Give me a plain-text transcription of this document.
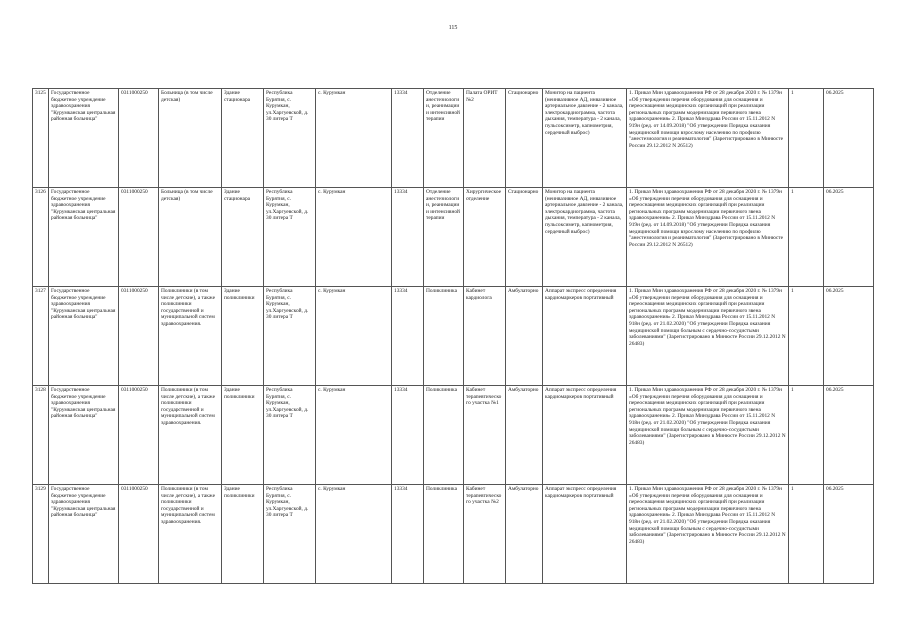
115
3125	Государственное бюджетное учреждение здравоохранения "Курумканская центральная районная больница"	0311000250	Больница (в том числе детская)	Здание стационара	Республика Бурятия, с. Курумкан, ул.Харгуевской, д. 30 литера Т	с. Курумкан	13334	Отделение анестезиологии, реанимации и интенсивной терапии	Палата ОРИТ №2	Стационарно	Монитор на пациента (неинвазивное АД, инвазивное артериальное давление - 2 канала, электрокардиограмма, частота дыхания, температура - 2 канала, пульсоксиметр, капнометрия, сердечный выброс)	1. Приказ Мин здравоохранения РФ от 28 декабря 2020 г. № 1379н «Об утверждении перечня оборудования для оснащения и переоснащения медицинских организаций при реализации региональных программ модернизации первичного звена здравоохранения» 2. Приказ Минздрава России от 15.11.2012 N 919н (ред. от 14.09.2018) "Об утверждении Порядка оказания медицинской помощи взрослому населению по профилю "анестезиология и реаниматология" (Зарегистрировано в Минюсте России 29.12.2012 N 26512)	1	06.2025
3126	Государственное бюджетное учреждение здравоохранения "Курумканская центральная районная больница"	0311000250	Больница (в том числе детская)	Здание стационара	Республика Бурятия, с. Курумкан, ул.Харгуевской, д. 30 литера Т	с. Курумкан	13334	Отделение анестезиологии, реанимации и интенсивной терапии	Хирургическое отделение	Стационарно	Монитор на пациента (неинвазивное АД, инвазивное артериальное давление - 2 канала, электрокардиограмма, частота дыхания, температура - 2 канала, пульсоксиметр, капнометрия, сердечный выброс)	1. Приказ Мин здравоохранения РФ от 28 декабря 2020 г. № 1379н «Об утверждении перечня оборудования для оснащения и переоснащения медицинских организаций при реализации региональных программ модернизации первичного звена здравоохранения» 2. Приказ Минздрава России от 15.11.2012 N 919н (ред. от 14.09.2018) "Об утверждении Порядка оказания медицинской помощи взрослому населению по профилю "анестезиология и реаниматология" (Зарегистрировано в Минюсте России 29.12.2012 N 26512)	1	06.2025
3127	Государственное бюджетное учреждение здравоохранения "Курумканская центральная районная больница"	0311000250	Поликлиники (в том числе детские), а также поликлиники государственной и муниципальной систем здравоохранения.	Здание поликлиники	Республика Бурятия, с. Курумкан, ул.Харгуевской, д. 30 литера Т	с. Курумкан	13334	Поликлиника	Кабинет кардиолога	Амбулаторно	Аппарат экспресс определения кардиомаркеров портативный	1. Приказ Мин здравоохранения РФ от 28 декабря 2020 г. № 1379н «Об утверждении перечня оборудования для оснащения и переоснащения медицинских организаций при реализации региональных программ модернизации первичного звена здравоохранения» 2. Приказ Минздрава России от 15.11.2012 N 918н (ред. от 21.02.2020) "Об утверждении Порядка оказания медицинской помощи больным с сердечно-сосудистыми заболеваниями" (Зарегистрировано в Минюсте России 29.12.2012 N 26483)	1	06.2025
3128	Государственное бюджетное учреждение здравоохранения "Курумканская центральная районная больница"	0311000250	Поликлиники (в том числе детские), а также поликлиники государственной и муниципальной систем здравоохранения.	Здание поликлиники	Республика Бурятия, с. Курумкан, ул.Харгуевской, д. 30 литера Т	с. Курумкан	13334	Поликлиника	Кабинет терапевтического участка №1	Амбулаторно	Аппарат экспресс определения кардиомаркеров портативный	1. Приказ Мин здравоохранения РФ от 28 декабря 2020 г. № 1379н «Об утверждении перечня оборудования для оснащения и переоснащения медицинских организаций при реализации региональных программ модернизации первичного звена здравоохранения» 2. Приказ Минздрава России от 15.11.2012 N 918н (ред. от 21.02.2020) "Об утверждении Порядка оказания медицинской помощи больным с сердечно-сосудистыми заболеваниями" (Зарегистрировано в Минюсте России 29.12.2012 N 26483)	1	06.2025
3129	Государственное бюджетное учреждение здравоохранения "Курумканская центральная районная больница"	0311000250	Поликлиники (в том числе детские), а также поликлиники государственной и муниципальной систем здравоохранения.	Здание поликлиники	Республика Бурятия, с. Курумкан, ул.Харгуевской, д. 30 литера Т	с. Курумкан	13334	Поликлиника	Кабинет терапевтического участка №2	Амбулаторно	Аппарат экспресс определения кардиомаркеров портативный	1. Приказ Мин здравоохранения РФ от 28 декабря 2020 г. № 1379н «Об утверждении перечня оборудования для оснащения и переоснащения медицинских организаций при реализации региональных программ модернизации первичного звена здравоохранения» 2. Приказ Минздрава России от 15.11.2012 N 918н (ред. от 21.02.2020) "Об утверждении Порядка оказания медицинской помощи больным с сердечно-сосудистыми заболеваниями" (Зарегистрировано в Минюсте России 29.12.2012 N 26483)	1	06.2025
